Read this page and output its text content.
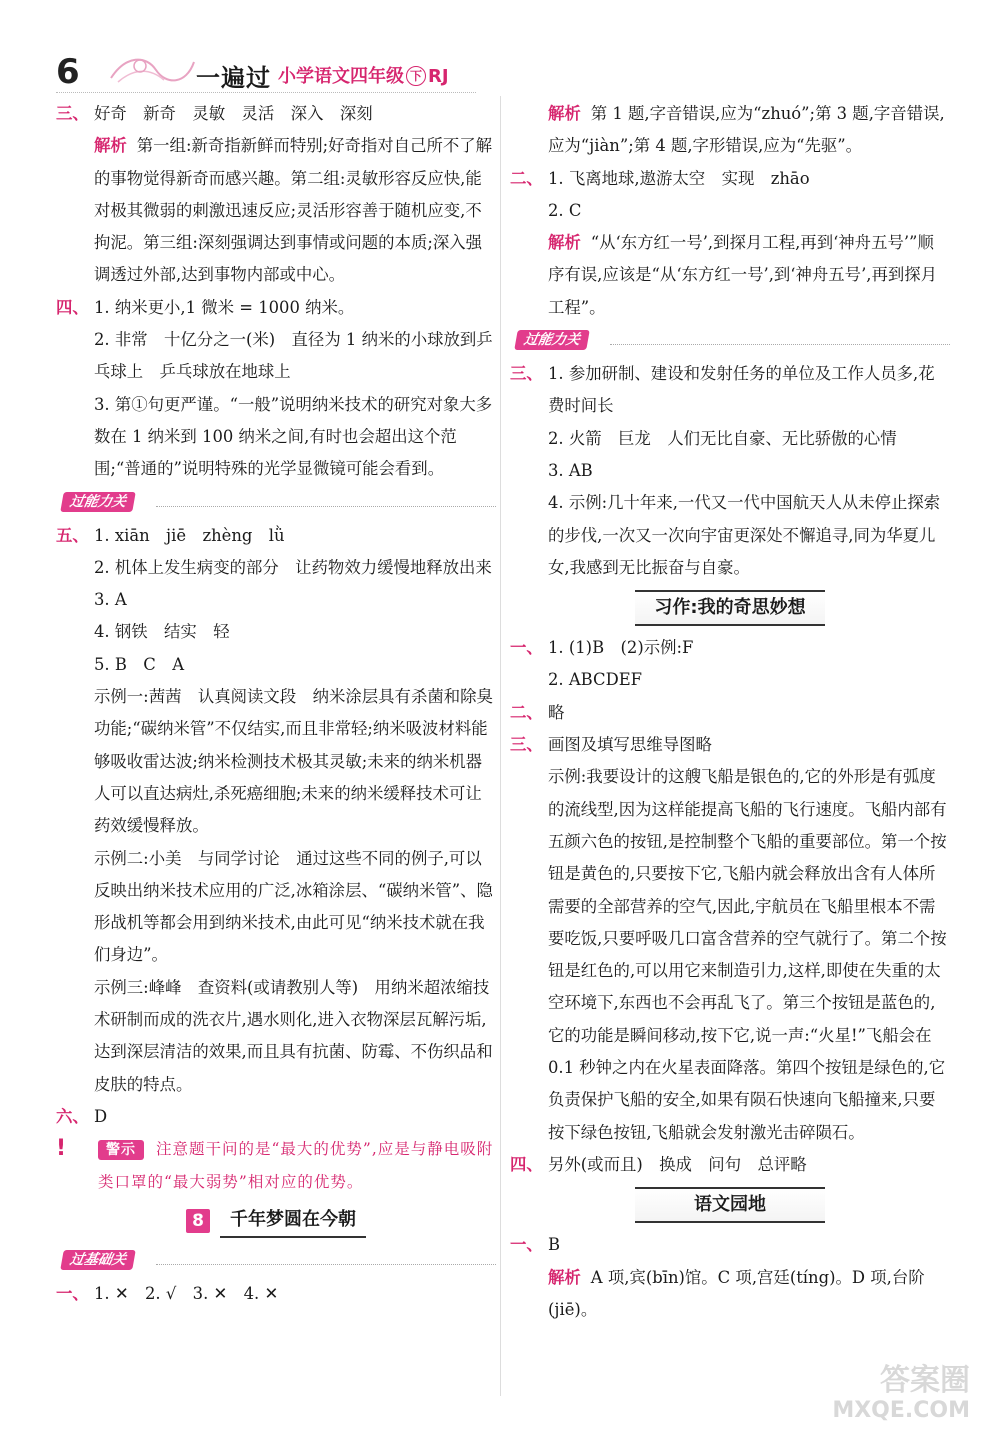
6	一遍过 小学语文四年级 下 RJ
三、 好奇　新奇　灵敏　灵活　深入　深刻

解析 第一组:新奇指新鲜而特别;好奇指对自己所不了解的事物觉得新奇而感兴趣。第二组:灵敏形容反应快,能对极其微弱的刺激迅速反应;灵活形容善于随机应变,不拘泥。第三组:深刻强调达到事情或问题的本质;深入强调透过外部,达到事物内部或中心。

四、 1. 纳米更小,1 微米 = 1000 纳米。

2. 非常　十亿分之一(米)　直径为 1 纳米的小球放到乒乓球上　乒乓球放在地球上

3. 第①句更严谨。“一般”说明纳米技术的研究对象大多数在 1 纳米到 100 纳米之间,有时也会超出这个范围;“普通的”说明特殊的光学显微镜可能会看到。

过能力关
五、 1. xiān　jiē　zhèng　lǜ

2. 机体上发生病变的部分　让药物效力缓慢地释放出来

3. A

4. 钢铁　结实　轻

5. B　C　A

示例一:茜茜　认真阅读文段　纳米涂层具有杀菌和除臭功能;“碳纳米管”不仅结实,而且非常轻;纳米吸波材料能够吸收雷达波;纳米检测技术极其灵敏;未来的纳米机器人可以直达病灶,杀死癌细胞;未来的纳米缓释技术可让药效缓慢释放。

示例二:小美　与同学讨论　通过这些不同的例子,可以反映出纳米技术应用的广泛,冰箱涂层、“碳纳米管”、隐形战机等都会用到纳米技术,由此可见“纳米技术就在我们身边”。

示例三:峰峰　查资料(或请教别人等)　用纳米超浓缩技术研制而成的洗衣片,遇水则化,进入衣物深层瓦解污垢,达到深层清洁的效果,而且具有抗菌、防霉、不伤织品和皮肤的特点。

六、 D

!	警示 注意题干问的是“最大的优势”,应是与静电吸附类口罩的“最大弱势”相对应的优势。
8	千年梦圆在今朝
过基础关
一、 1. ✕　2. √　3. ✕　4. ✕

解析 第 1 题,字音错误,应为“zhuó”;第 3 题,字音错误,应为“jiàn”;第 4 题,字形错误,应为“先驱”。

二、 1. 飞离地球,遨游太空　实现　zhāo

2. C

解析 “从‘东方红一号’,到探月工程,再到‘神舟五号’”顺序有误,应该是“从‘东方红一号’,到‘神舟五号’,再到探月工程”。

过能力关
三、 1. 参加研制、建设和发射任务的单位及工作人员多,花费时间长

2. 火箭　巨龙　人们无比自豪、无比骄傲的心情

3. AB

4. 示例:几十年来,一代又一代中国航天人从未停止探索的步伐,一次又一次向宇宙更深处不懈追寻,同为华夏儿女,我感到无比振奋与自豪。

习作:我的奇思妙想
一、 1. (1)B　(2)示例:F

2. ABCDEF

二、 略

三、 画图及填写思维导图略

示例:我要设计的这艘飞船是银色的,它的外形是有弧度的流线型,因为这样能提高飞船的飞行速度。飞船内部有五颜六色的按钮,是控制整个飞船的重要部位。第一个按钮是黄色的,只要按下它,飞船内就会释放出含有人体所需要的全部营养的空气,因此,宇航员在飞船里根本不需要吃饭,只要呼吸几口富含营养的空气就行了。第二个按钮是红色的,可以用它来制造引力,这样,即使在失重的太空环境下,东西也不会再乱飞了。第三个按钮是蓝色的,它的功能是瞬间移动,按下它,说一声:“火星!”飞船会在 0.1 秒钟之内在火星表面降落。第四个按钮是绿色的,它负责保护飞船的安全,如果有陨石快速向飞船撞来,只要按下绿色按钮,飞船就会发射激光击碎陨石。

四、 另外(或而且)　换成　问句　总评略

语文园地
一、 B

解析 A 项,宾(bīn)馆。C 项,宫廷(tíng)。D 项,台阶(jiē)。

答案圈
MXQE.COM
